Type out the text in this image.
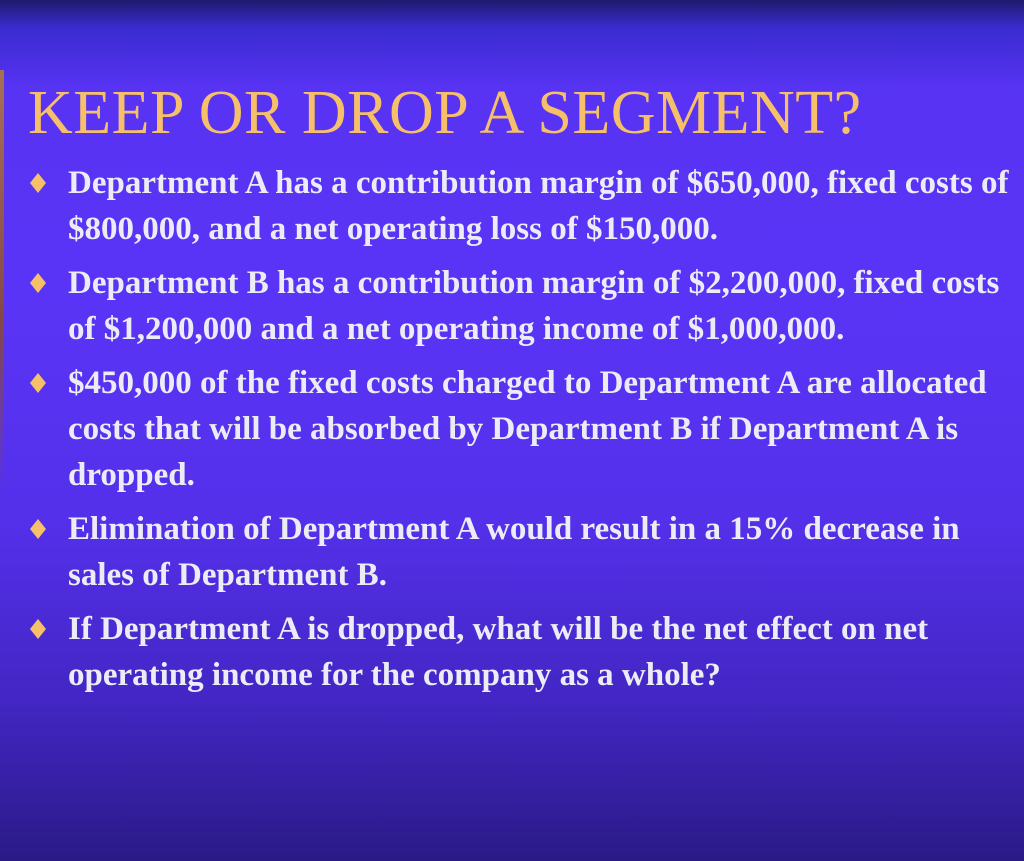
KEEP OR DROP A SEGMENT?
Department A has a contribution margin of $650,000, fixed costs of $800,000, and a net operating loss of $150,000.
Department B has a contribution margin of $2,200,000, fixed costs of $1,200,000 and a net operating income of $1,000,000.
$450,000 of the fixed costs charged to Department A are allocated costs that will be absorbed by Department B if Department A is dropped.
Elimination of Department A would result in a 15% decrease in sales of Department B.
If Department A is dropped, what will be the net effect on net operating income for the company as a whole?
